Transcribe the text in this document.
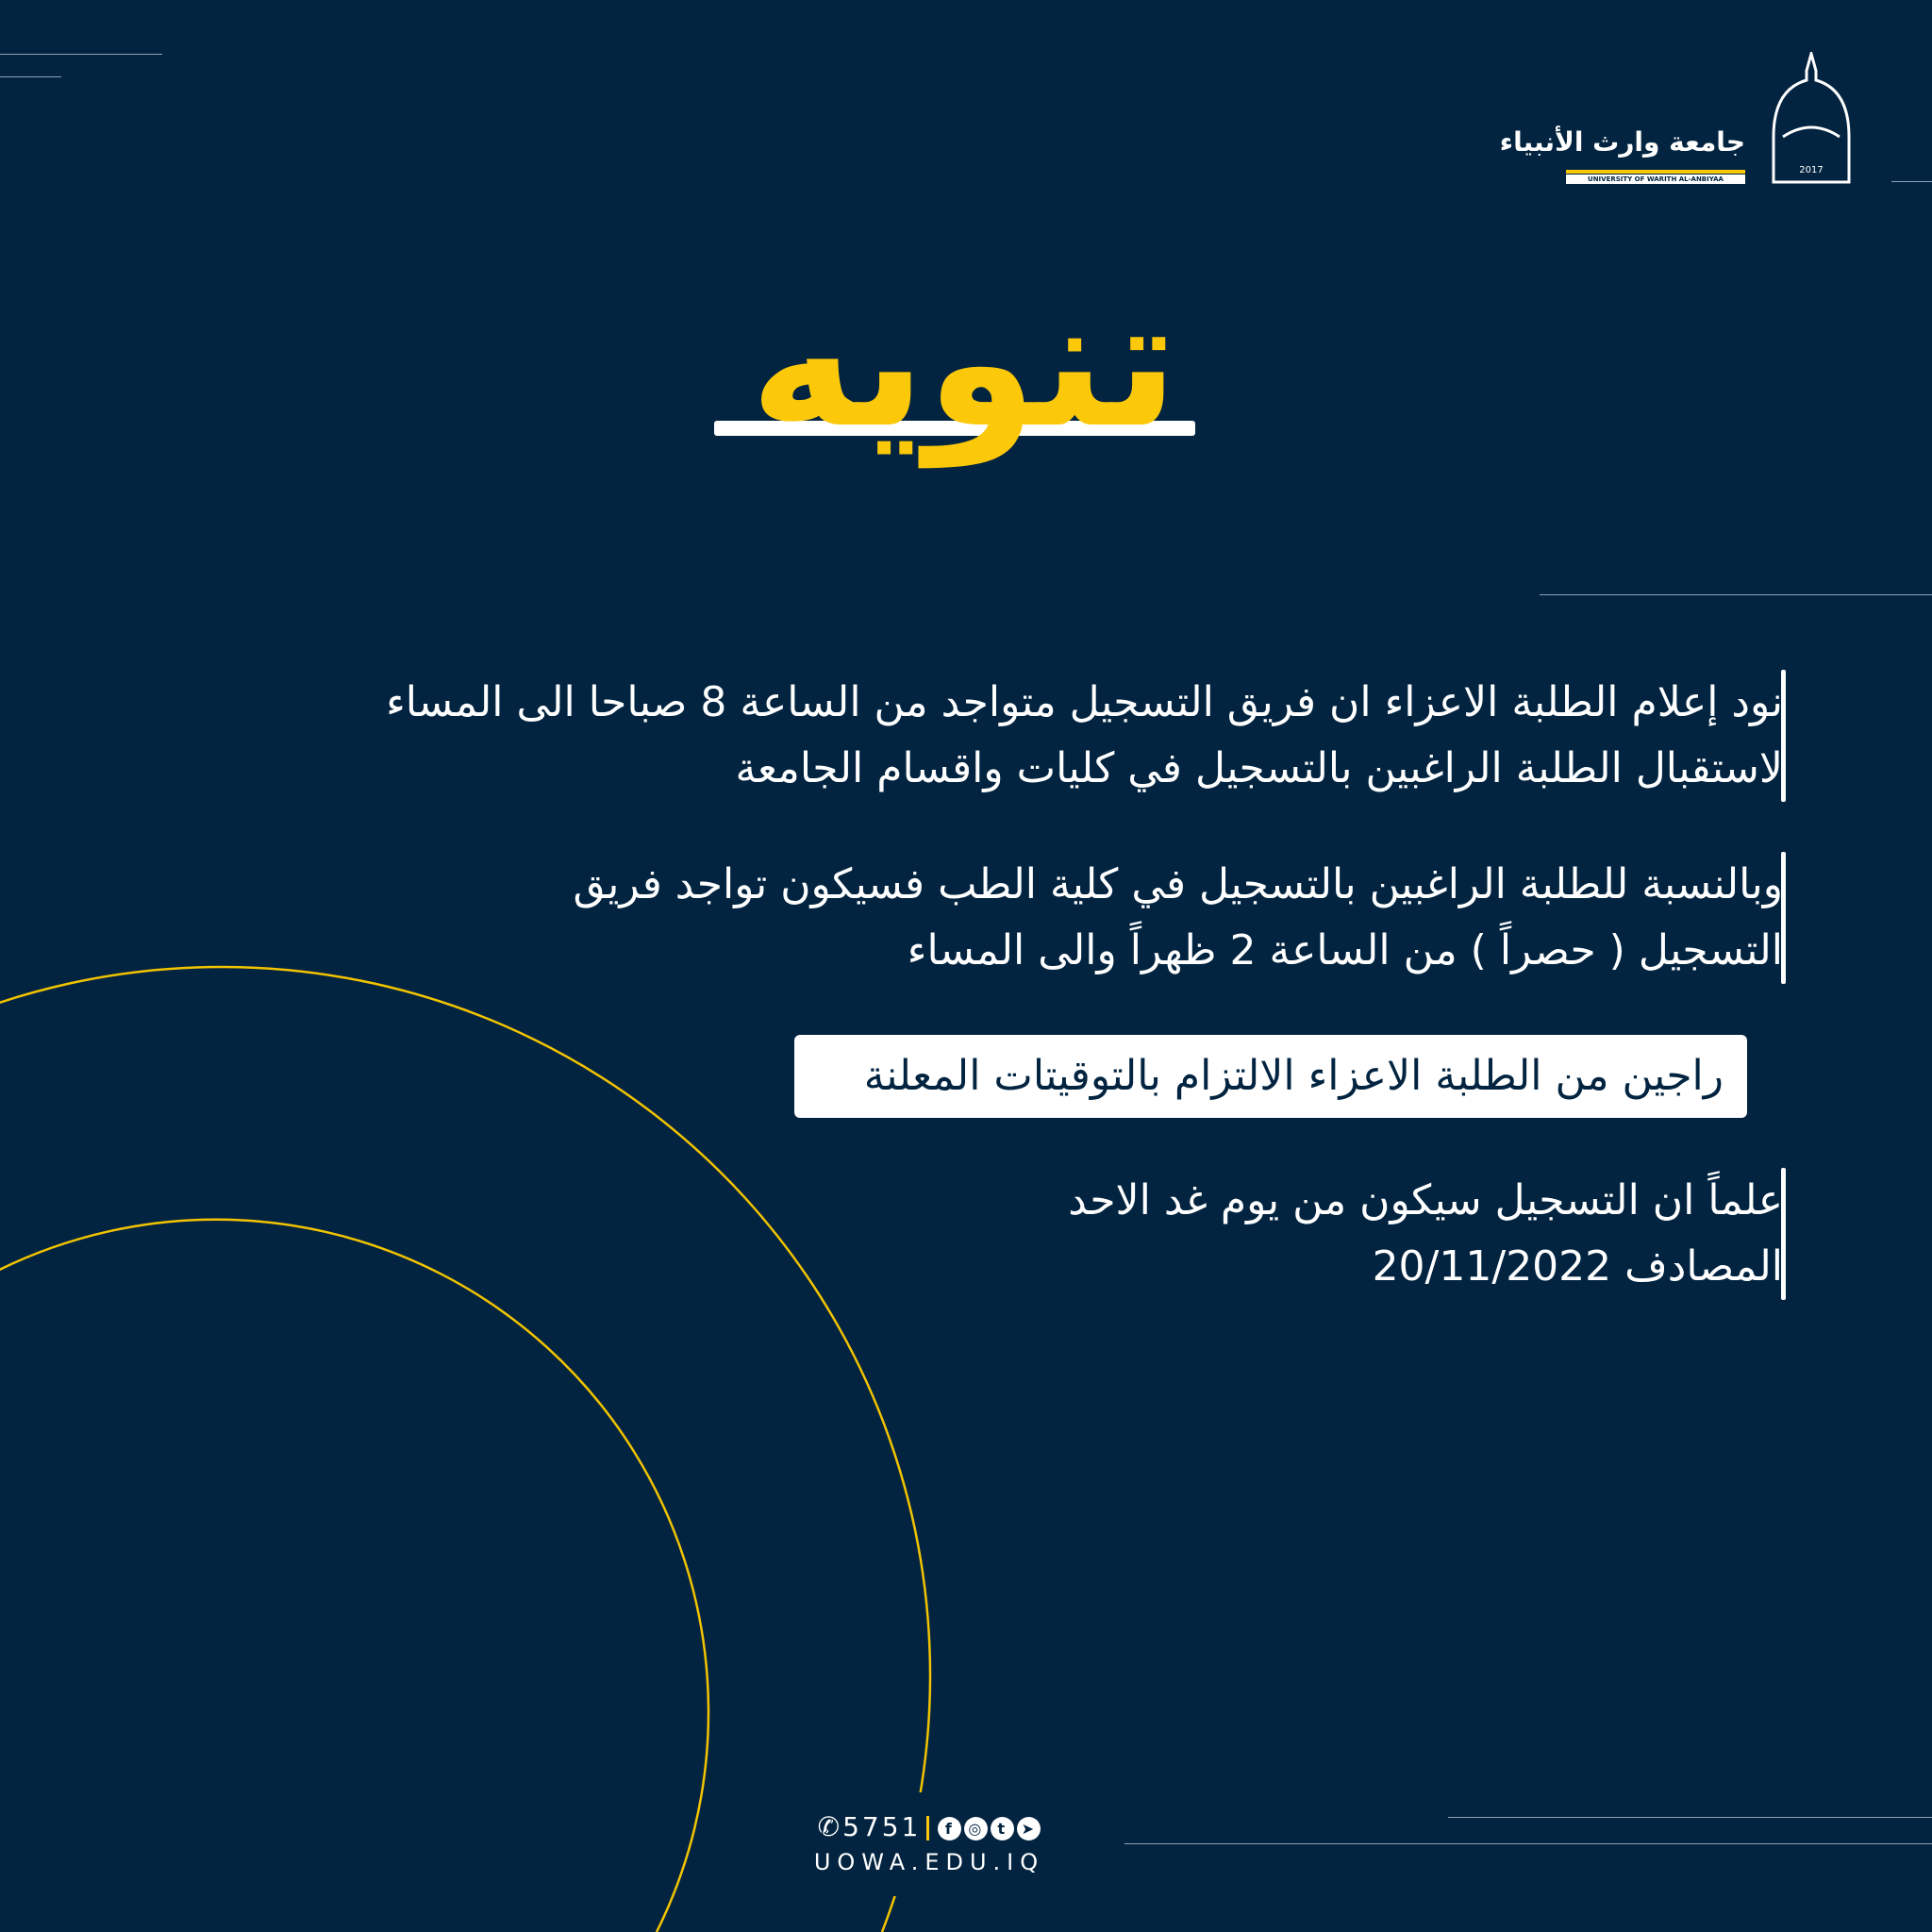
جامعة وارث الأنبياء
UNIVERSITY OF WARITH AL-ANBIYAA
2017
تنويه
نود إعلام الطلبة الاعزاء ان فريق التسجيل متواجد من الساعة 8 صباحا الى المساء
لاستقبال الطلبة الراغبين بالتسجيل في كليات واقسام الجامعة
وبالنسبة للطلبة الراغبين بالتسجيل في كلية الطب فسيكون تواجد فريق
التسجيل ( حصراً ) من الساعة 2 ظهراً والى المساء
راجين من الطلبة الاعزاء الالتزام بالتوقيتات المعلنة
علماً ان التسجيل سيكون من يوم غد الاحد
المصادف 20/11/2022
✆5751 f ◎ t ➤
UOWA.EDU.IQ
